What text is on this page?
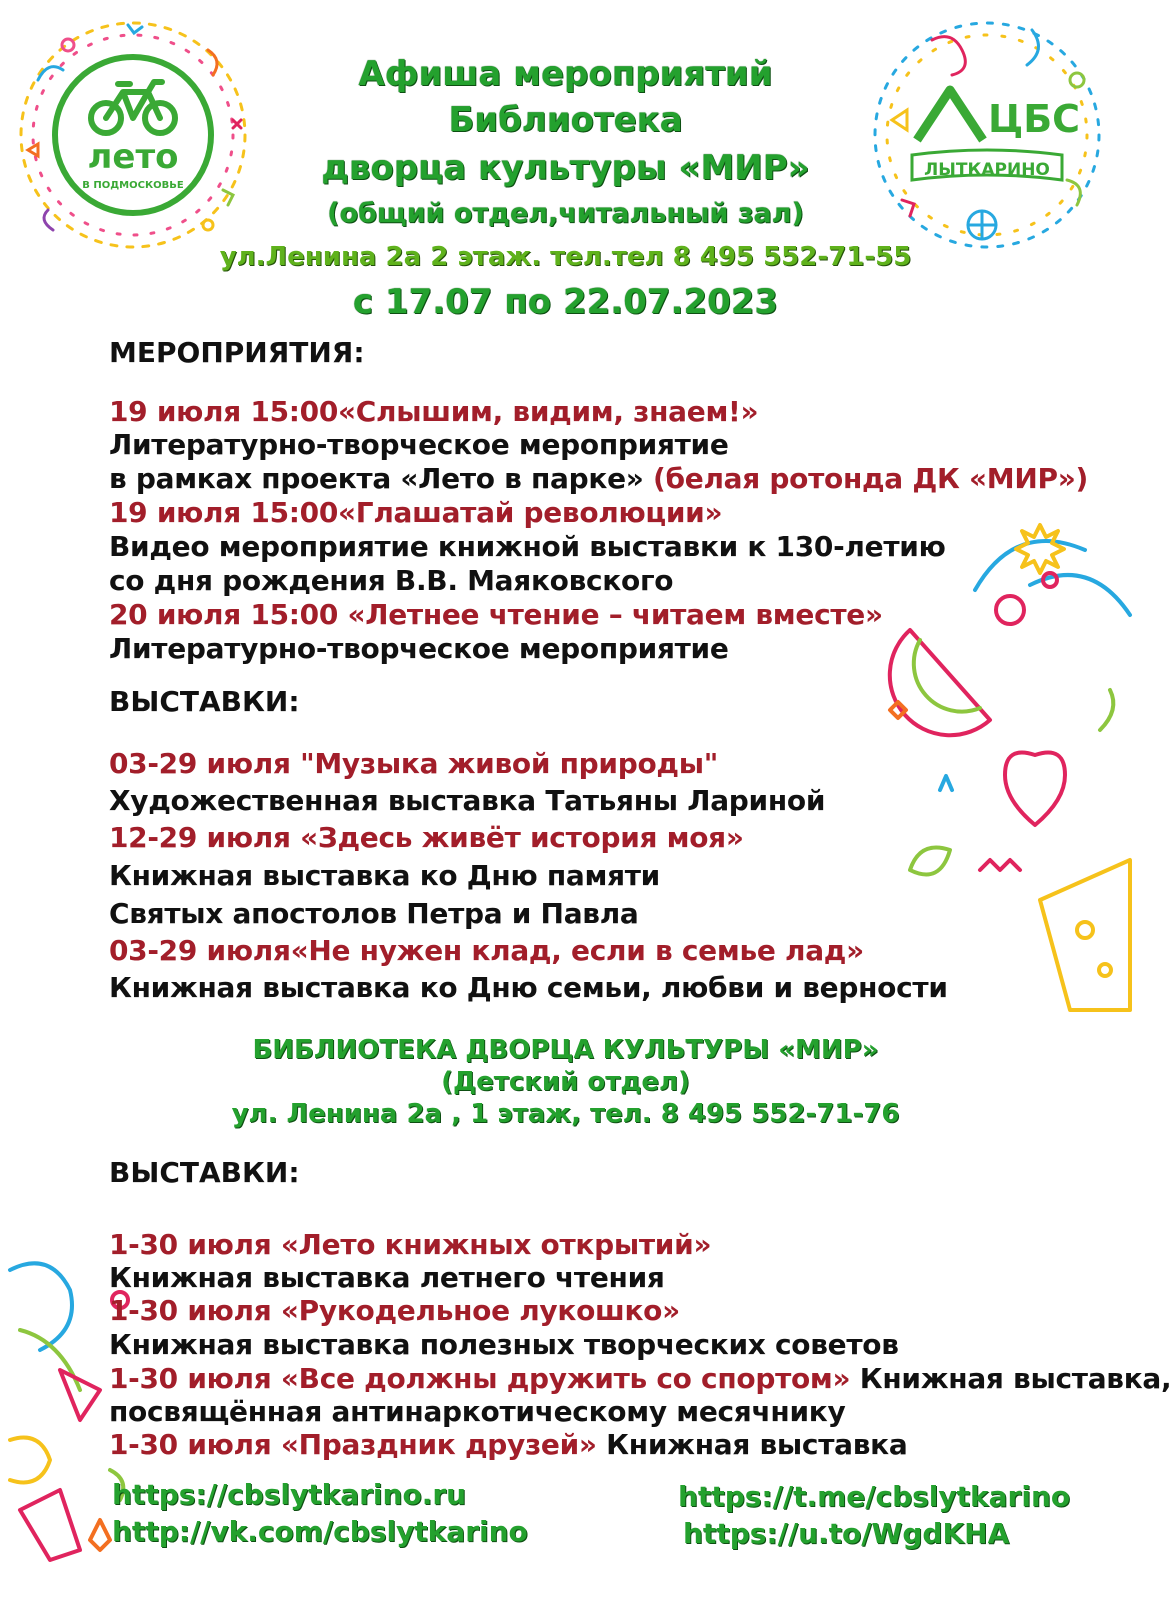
лето
В ПОДМОСКОВЬЕ
ЦБС
ЛЫТКАРИНО
Афиша мероприятий
Библиотека
дворца культуры «МИР»

(общий отдел,читальный зал)

ул.Ленина 2а 2 этаж. тел.тел 8 495 552-71-55

с 17.07 по 22.07.2023

МЕРОПРИЯТИЯ:

19 июля 15:00«Слышим, видим, знаем!»

Литературно-творческое мероприятие

в рамках проекта «Лето в парке» (белая ротонда ДК «МИР»)

19 июля 15:00«Глашатай революции»

Видео мероприятие книжной выставки к 130-летию

со дня рождения В.В. Маяковского

20 июля 15:00 «Летнее чтение – читаем вместе»

Литературно-творческое мероприятие

ВЫСТАВКИ:

03-29 июля "Музыка живой природы"

Художественная выставка Татьяны Лариной

12-29 июля «Здесь живёт история моя»

Книжная выставка ко Дню памяти

Святых апостолов Петра и Павла

03-29 июля«Не нужен клад, если в семье лад»

Книжная выставка ко Дню семьи, любви и верности

БИБЛИОТЕКА ДВОРЦА КУЛЬТУРЫ «МИР»

(Детский отдел)

ул. Ленина 2а , 1 этаж, тел. 8 495 552-71-76

ВЫСТАВКИ:

1-30 июля «Лето книжных открытий»

Книжная выставка летнего чтения

1-30 июля «Рукодельное лукошко»

Книжная выставка полезных творческих советов

1-30 июля «Все должны дружить со спортом» Книжная выставка,

посвящённая антинаркотическому месячнику

1-30 июля «Праздник друзей» Книжная выставка

https://cbslytkarino.ru
http://vk.com/cbslytkarino
https://t.me/cbslytkarino
https://u.to/WgdKHA
